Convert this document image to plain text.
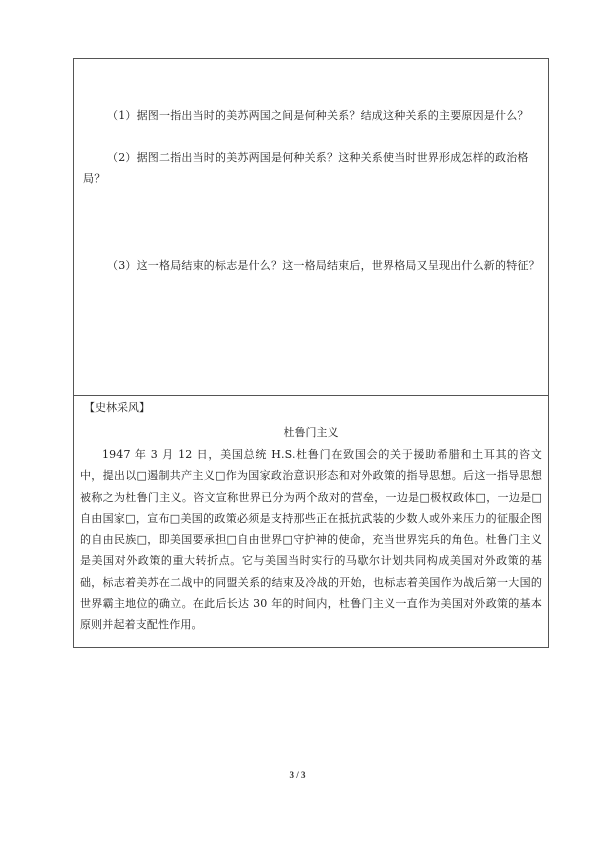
（1）据图一指出当时的美苏两国之间是何种关系？结成这种关系的主要原因是什么？
（2）据图二指出当时的美苏两国是何种关系？这种关系使当时世界形成怎样的政治格局？
（3）这一格局结束的标志是什么？这一格局结束后，世界格局又呈现出什么新的特征？
【史林采风】
杜鲁门主义
1947 年 3 月 12 日，美国总统 H.S.杜鲁门在致国会的关于援助希腊和土耳其的咨文中，提出以□遏制共产主义□作为国家政治意识形态和对外政策的指导思想。后这一指导思想被称之为杜鲁门主义。咨文宣称世界已分为两个敌对的营垒，一边是□极权政体□，一边是□自由国家□，宣布□美国的政策必须是支持那些正在抵抗武装的少数人或外来压力的征服企图的自由民族□，即美国要承担□自由世界□守护神的使命，充当世界宪兵的角色。杜鲁门主义是美国对外政策的重大转折点。它与美国当时实行的马歇尔计划共同构成美国对外政策的基础，标志着美苏在二战中的同盟关系的结束及冷战的开始，也标志着美国作为战后第一大国的世界霸主地位的确立。在此后长达 30 年的时间内，杜鲁门主义一直作为美国对外政策的基本原则并起着支配性作用。
3 / 3
